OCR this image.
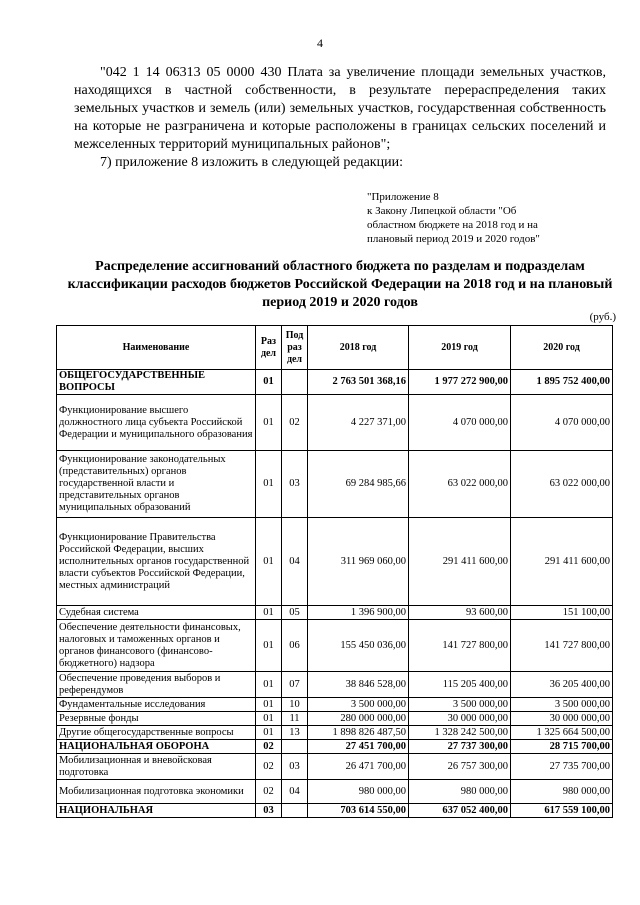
4

"042 1 14 06313 05 0000 430 Плата за увеличение площади земельных участков, находящихся в частной собственности, в результате перераспределения таких земельных участков и земель (или) земельных участков, государственная собственность на которые не разграничена и которые расположены в границах сельских поселений и межселенных территорий муниципальных районов";

7) приложение 8 изложить в следующей редакции:

"Приложение 8
к Закону Липецкой области "Об
областном бюджете на 2018 год и на
плановый период 2019 и 2020 годов"
Распределение ассигнований областного бюджета по разделам и подразделам классификации расходов бюджетов Российской Федерации на 2018 год и на плановый период 2019 и 2020 годов
(руб.)
Наименование	Раз дел	Под раз дел	2018 год	2019 год	2020 год
ОБЩЕГОСУДАРСТВЕННЫЕ ВОПРОСЫ	01		2 763 501 368,16	1 977 272 900,00	1 895 752 400,00
Функционирование высшего должностного лица субъекта Российской Федерации и муниципального образования	01	02	4 227 371,00	4 070 000,00	4 070 000,00
Функционирование законодательных (представительных) органов государственной власти и представительных органов муниципальных образований	01	03	69 284 985,66	63 022 000,00	63 022 000,00
Функционирование Правительства Российской Федерации, высших исполнительных органов государственной власти субъектов Российской Федерации, местных администраций	01	04	311 969 060,00	291 411 600,00	291 411 600,00
Судебная система	01	05	1 396 900,00	93 600,00	151 100,00
Обеспечение деятельности финансовых, налоговых и таможенных органов и органов финансового (финансово-бюджетного) надзора	01	06	155 450 036,00	141 727 800,00	141 727 800,00
Обеспечение проведения выборов и референдумов	01	07	38 846 528,00	115 205 400,00	36 205 400,00
Фундаментальные исследования	01	10	3 500 000,00	3 500 000,00	3 500 000,00
Резервные фонды	01	11	280 000 000,00	30 000 000,00	30 000 000,00
Другие общегосударственные вопросы	01	13	1 898 826 487,50	1 328 242 500,00	1 325 664 500,00
НАЦИОНАЛЬНАЯ ОБОРОНА	02		27 451 700,00	27 737 300,00	28 715 700,00
Мобилизационная и вневойсковая подготовка	02	03	26 471 700,00	26 757 300,00	27 735 700,00
Мобилизационная подготовка экономики	02	04	980 000,00	980 000,00	980 000,00
НАЦИОНАЛЬНАЯ	03		703 614 550,00	637 052 400,00	617 559 100,00
